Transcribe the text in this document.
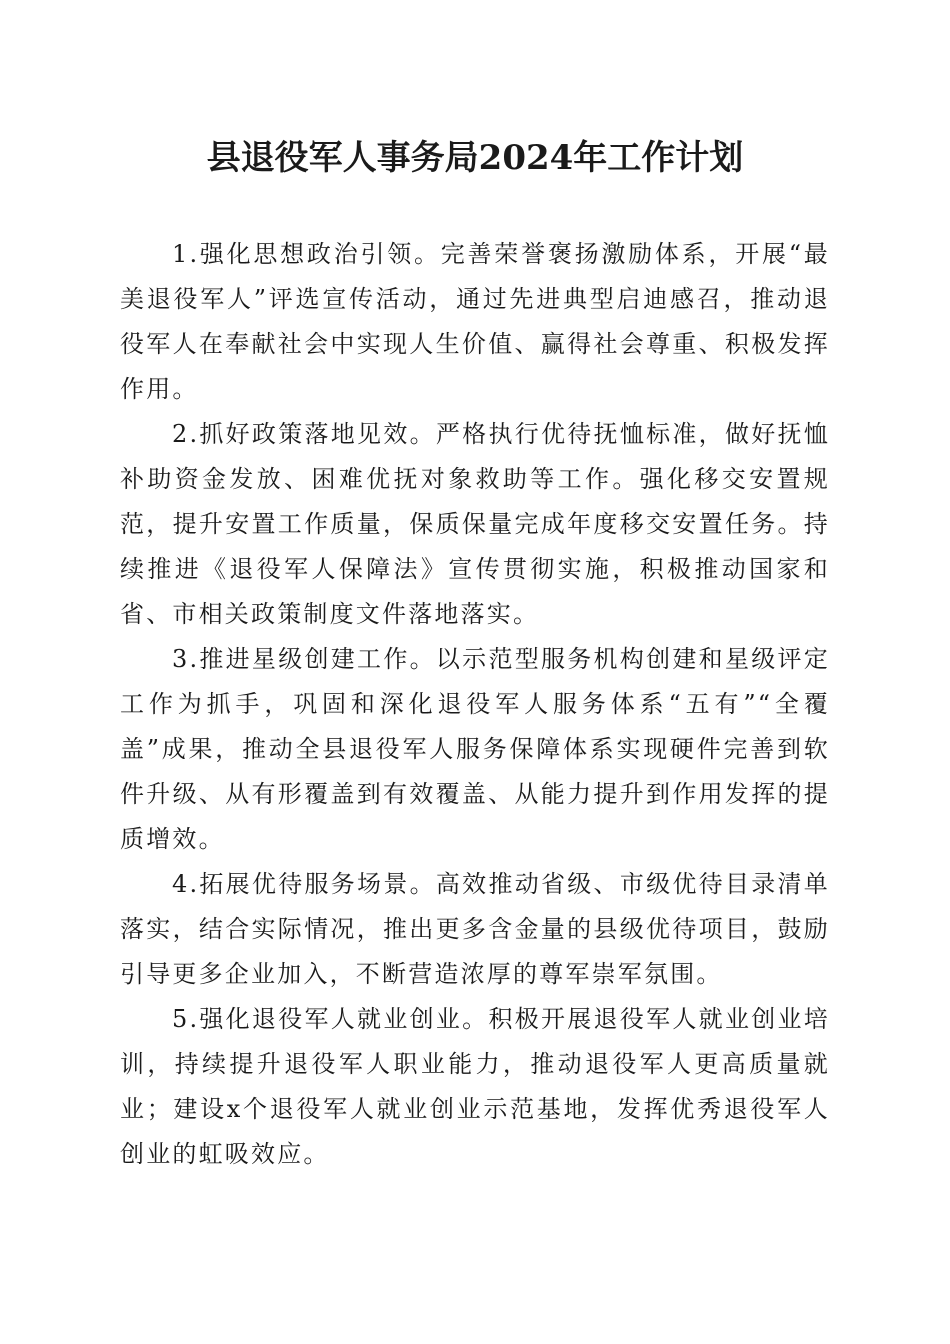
县退役军人事务局2024年工作计划

1.强化思想政治引领。完善荣誉褒扬激励体系，开展“最美退役军人”评选宣传活动，通过先进典型启迪感召，推动退役军人在奉献社会中实现人生价值、赢得社会尊重、积极发挥作用。

2.抓好政策落地见效。严格执行优待抚恤标准，做好抚恤补助资金发放、困难优抚对象救助等工作。强化移交安置规范，提升安置工作质量，保质保量完成年度移交安置任务。持续推进《退役军人保障法》宣传贯彻实施，积极推动国家和省、市相关政策制度文件落地落实。

3.推进星级创建工作。以示范型服务机构创建和星级评定工作为抓手，巩固和深化退役军人服务体系“五有”“全覆盖”成果，推动全县退役军人服务保障体系实现硬件完善到软件升级、从有形覆盖到有效覆盖、从能力提升到作用发挥的提质增效。

4.拓展优待服务场景。高效推动省级、市级优待目录清单落实，结合实际情况，推出更多含金量的县级优待项目，鼓励引导更多企业加入，不断营造浓厚的尊军崇军氛围。

5.强化退役军人就业创业。积极开展退役军人就业创业培训，持续提升退役军人职业能力，推动退役军人更高质量就业；建设x个退役军人就业创业示范基地，发挥优秀退役军人创业的虹吸效应。
